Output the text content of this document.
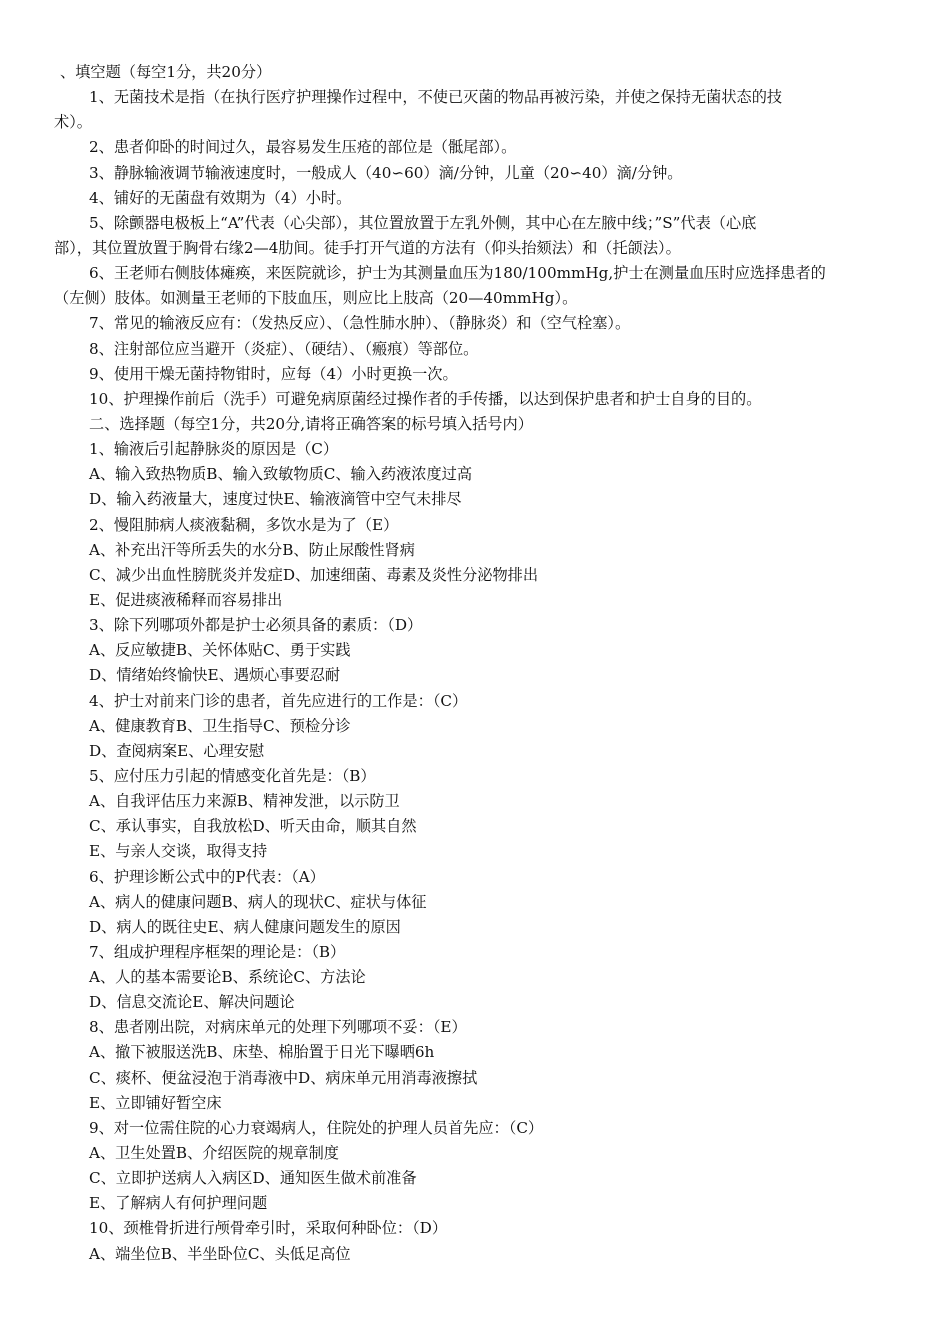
、填空题（每空1分，共20分）
1、无菌技术是指（在执行医疗护理操作过程中，不使已灭菌的物品再被污染，并使之保持无菌状态的技
术）。
2、患者仰卧的时间过久，最容易发生压疮的部位是（骶尾部）。
3、静脉输液调节输液速度时，一般成人（40∽60）滴/分钟，儿童（20∽40）滴/分钟。
4、铺好的无菌盘有效期为（4）小时。
5、除颤器电极板上“A”代表（心尖部），其位置放置于左乳外侧，其中心在左腋中线；”S”代表（心底
部），其位置放置于胸骨右缘2—4肋间。徒手打开气道的方法有（仰头抬颏法）和（托颌法）。
6、王老师右侧肢体瘫痪，来医院就诊，护士为其测量血压为180/100mmHg,护士在测量血压时应选择患者的
（左侧）肢体。如测量王老师的下肢血压，则应比上肢高（20—40mmHg）。
7、常见的输液反应有：（发热反应）、（急性肺水肿）、（静脉炎）和（空气栓塞）。
8、注射部位应当避开（炎症）、（硬结）、（瘢痕）等部位。
9、使用干燥无菌持物钳时，应每（4）小时更换一次。
10、护理操作前后（洗手）可避免病原菌经过操作者的手传播，以达到保护患者和护士自身的目的。
二、选择题（每空1分，共20分,请将正确答案的标号填入括号内）
1、输液后引起静脉炎的原因是（C）
A、输入致热物质B、输入致敏物质C、输入药液浓度过高
D、输入药液量大，速度过快E、输液滴管中空气未排尽
2、慢阻肺病人痰液黏稠，多饮水是为了（E）
A、补充出汗等所丢失的水分B、防止尿酸性肾病
C、减少出血性膀胱炎并发症D、加速细菌、毒素及炎性分泌物排出
E、促进痰液稀释而容易排出
3、除下列哪项外都是护士必须具备的素质：（D）
A、反应敏捷B、关怀体贴C、勇于实践
D、情绪始终愉快E、遇烦心事要忍耐
4、护士对前来门诊的患者，首先应进行的工作是：（C）
A、健康教育B、卫生指导C、预检分诊
D、查阅病案E、心理安慰
5、应付压力引起的情感变化首先是：（B）
A、自我评估压力来源B、精神发泄，以示防卫
C、承认事实，自我放松D、听天由命，顺其自然
E、与亲人交谈，取得支持
6、护理诊断公式中的P代表：（A）
A、病人的健康问题B、病人的现状C、症状与体征
D、病人的既往史E、病人健康问题发生的原因
7、组成护理程序框架的理论是：（B）
A、人的基本需要论B、系统论C、方法论
D、信息交流论E、解决问题论
8、患者刚出院，对病床单元的处理下列哪项不妥：（E）
A、撤下被服送洗B、床垫、棉胎置于日光下曝晒6h
C、痰杯、便盆浸泡于消毒液中D、病床单元用消毒液擦拭
E、立即铺好暂空床
9、对一位需住院的心力衰竭病人，住院处的护理人员首先应：（C）
A、卫生处置B、介绍医院的规章制度
C、立即护送病人入病区D、通知医生做术前准备
E、了解病人有何护理问题
10、颈椎骨折进行颅骨牵引时，采取何种卧位：（D）
A、端坐位B、半坐卧位C、头低足高位
